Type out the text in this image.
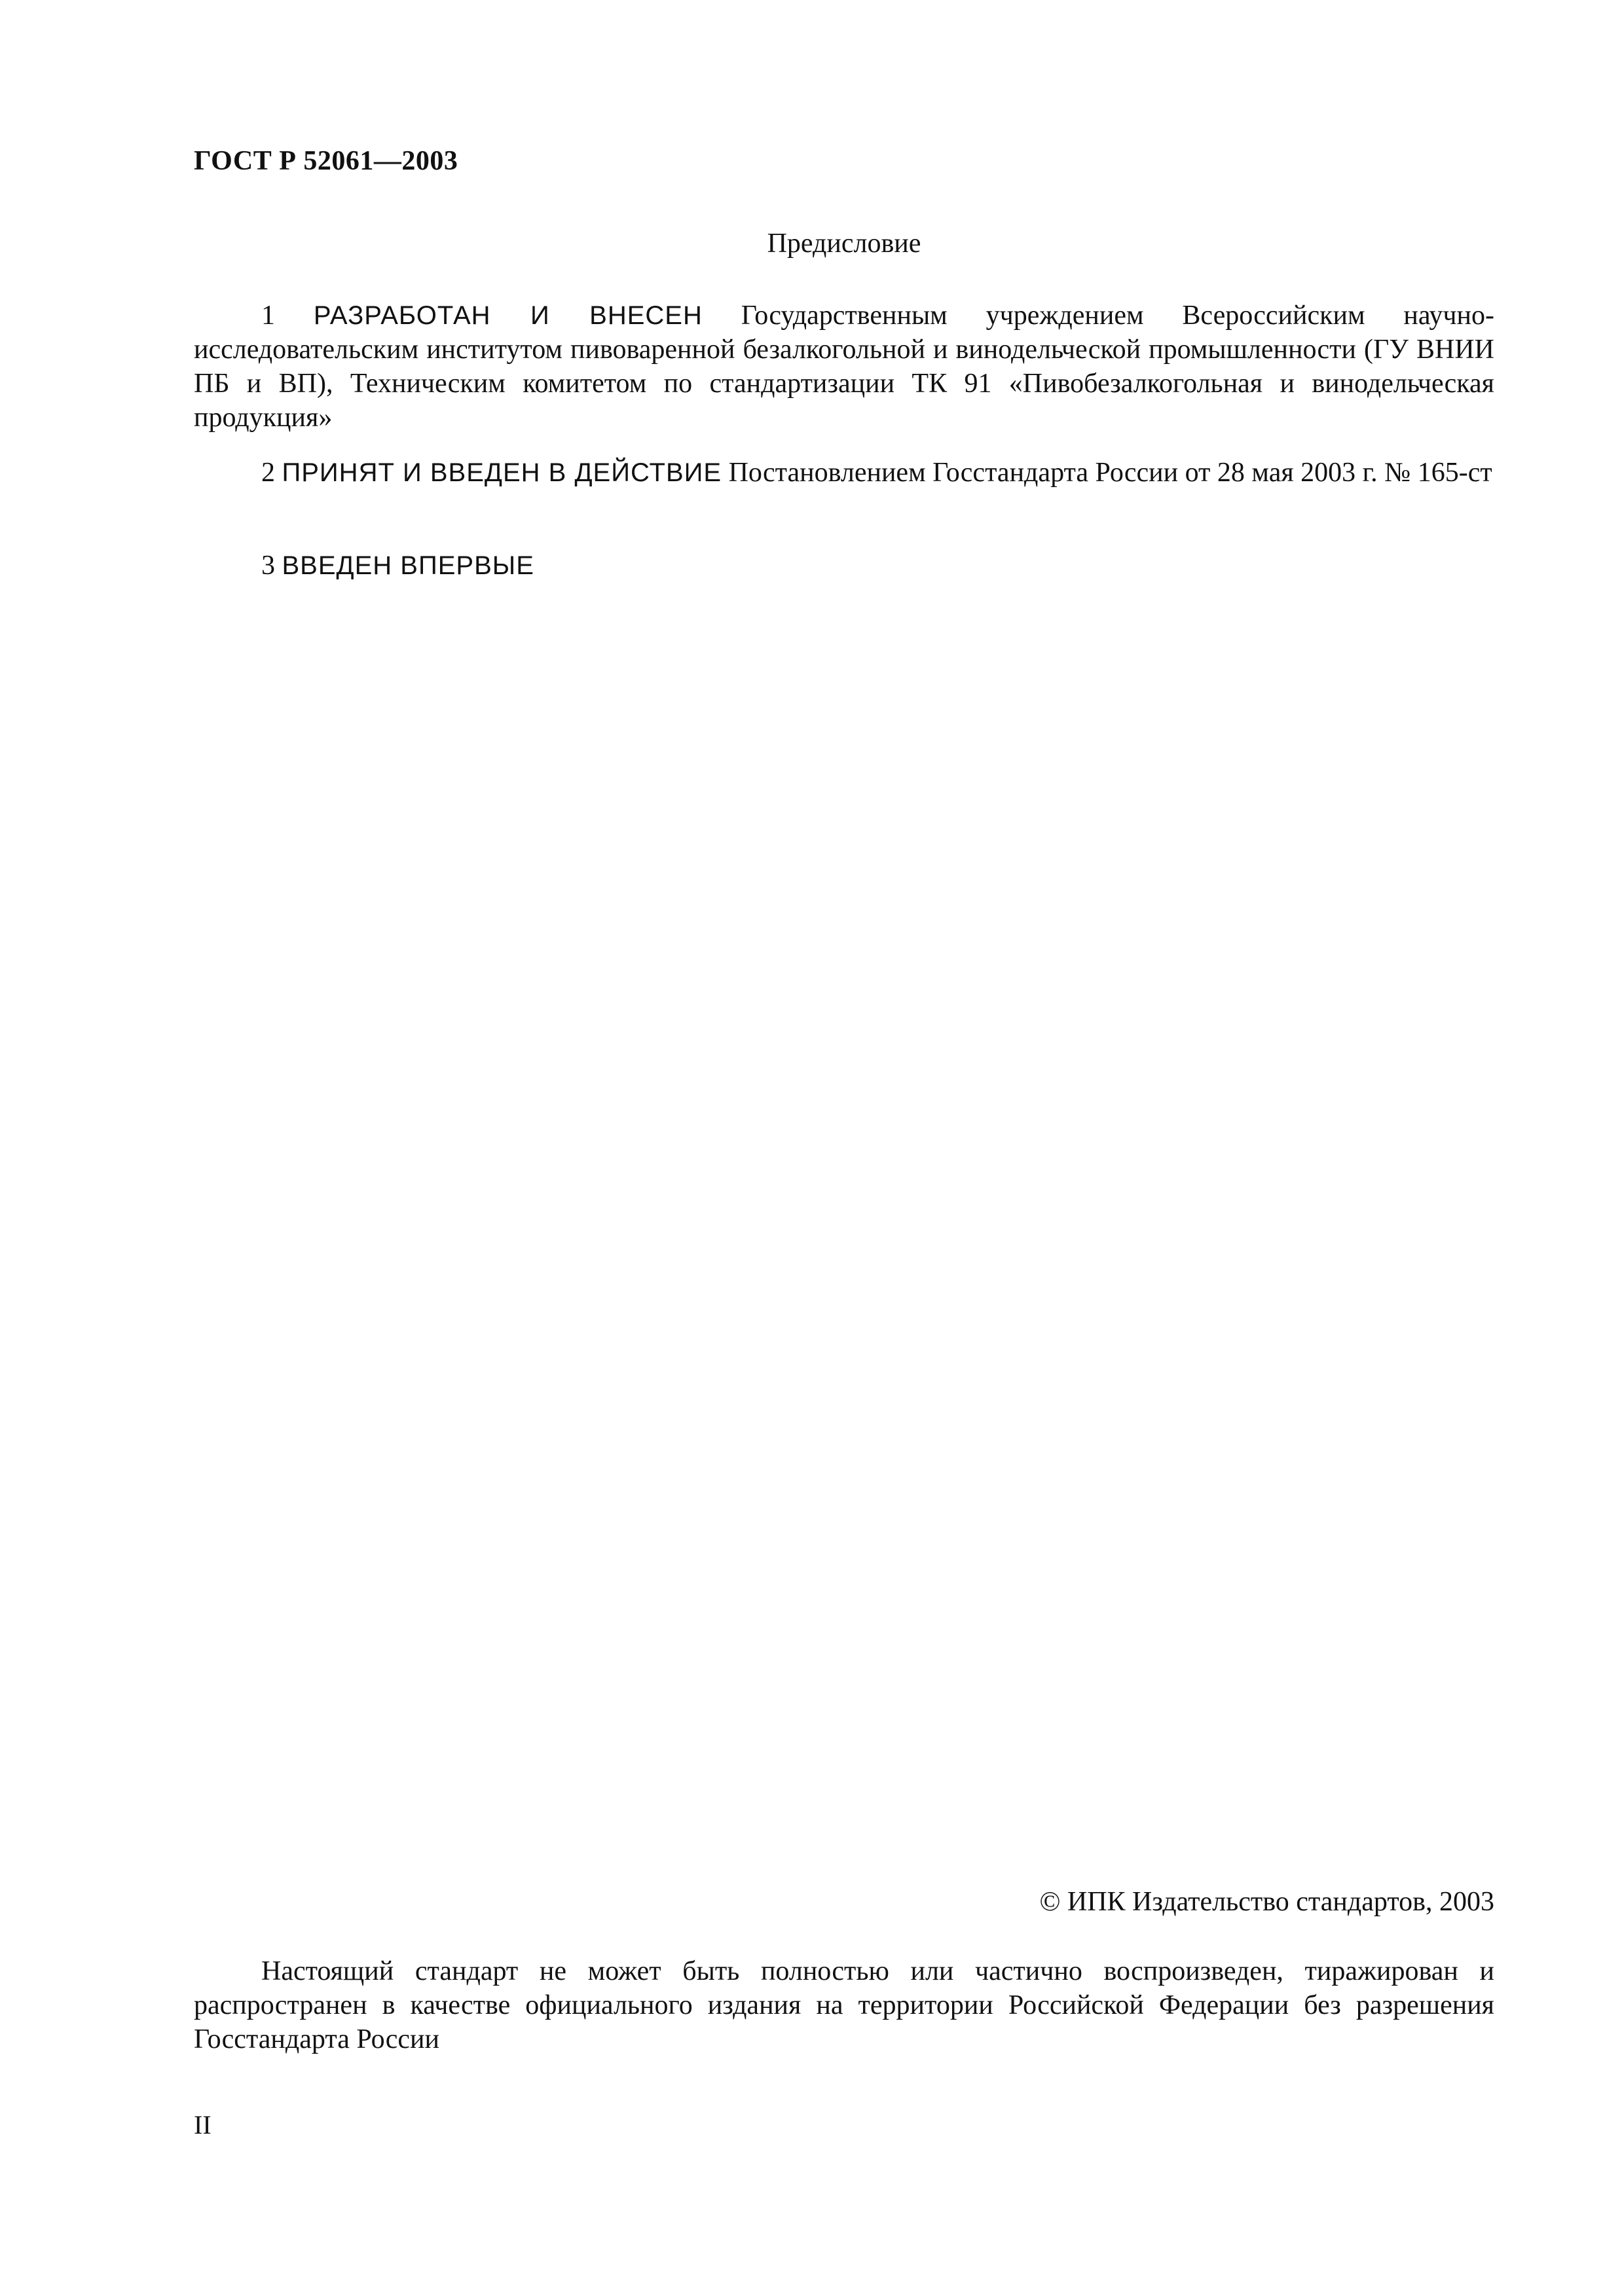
ГОСТ Р 52061—2003
Предисловие
1 РАЗРАБОТАН И ВНЕСЕН Государственным учреждением Всероссийским научно-исследовательским институтом пивоваренной безалкогольной и винодельческой промышленности (ГУ ВНИИ ПБ и ВП), Техническим комитетом по стандартизации ТК 91 «Пивобезалкогольная и винодельческая продукция»
2 ПРИНЯТ И ВВЕДЕН В ДЕЙСТВИЕ Постановлением Госстандарта России от 28 мая 2003 г. № 165-ст
3 ВВЕДЕН ВПЕРВЫЕ
© ИПК Издательство стандартов, 2003
Настоящий стандарт не может быть полностью или частично воспроизведен, тиражирован и распространен в качестве официального издания на территории Российской Федерации без разрешения Госстандарта России
II
